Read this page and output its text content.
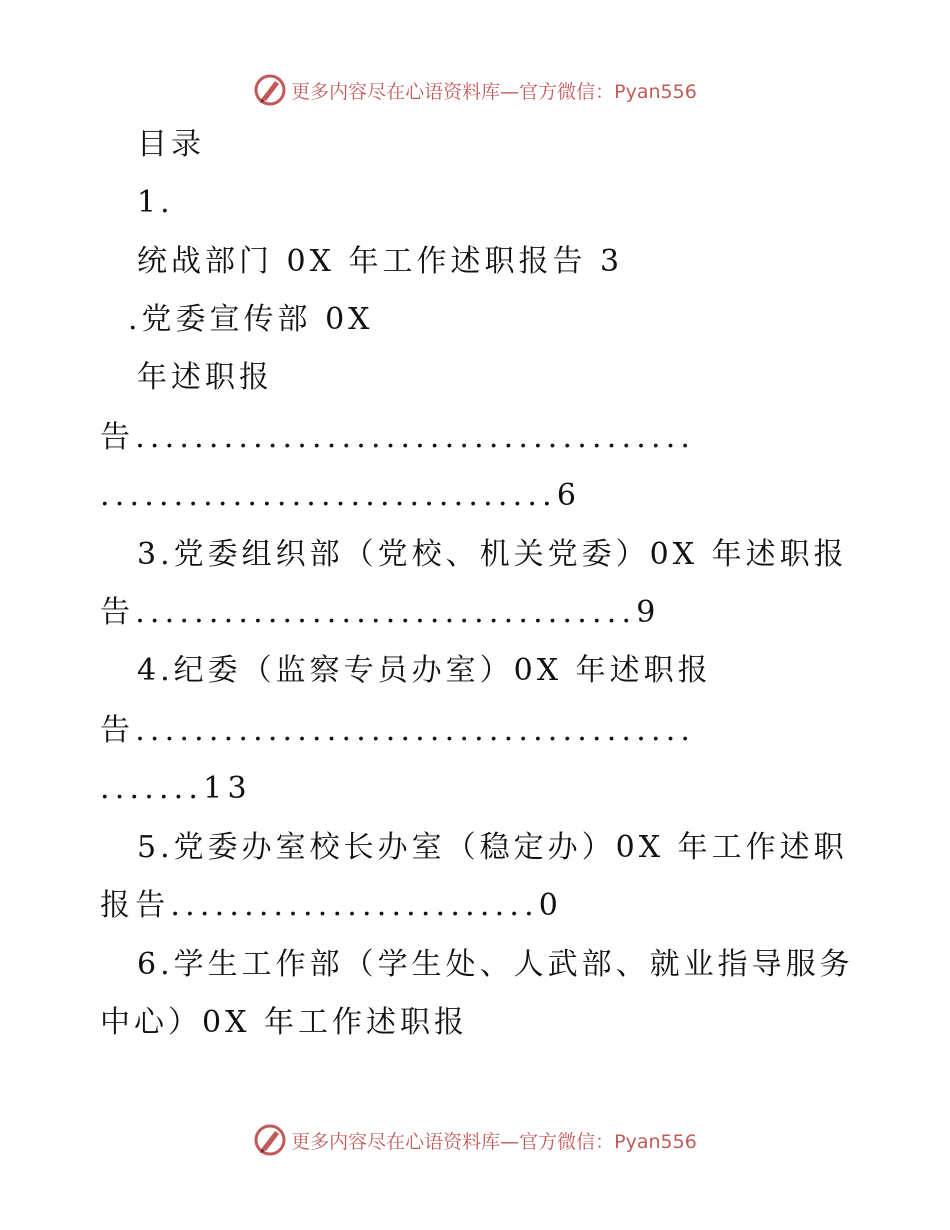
更多内容尽在心语资料库—官方微信：Pyan556
目录
1.
统战部门 0X 年工作述职报告 3
.党委宣传部 0X
年述职报
告......................................
...............................6
3.党委组织部（党校、机关党委）0X 年述职报
告..................................9
4.纪委（监察专员办室）0X 年述职报
告......................................
.......13
5.党委办室校长办室（稳定办）0X 年工作述职
报告.........................0
6.学生工作部（学生处、人武部、就业指导服务
中心）0X 年工作述职报
更多内容尽在心语资料库—官方微信：Pyan556
